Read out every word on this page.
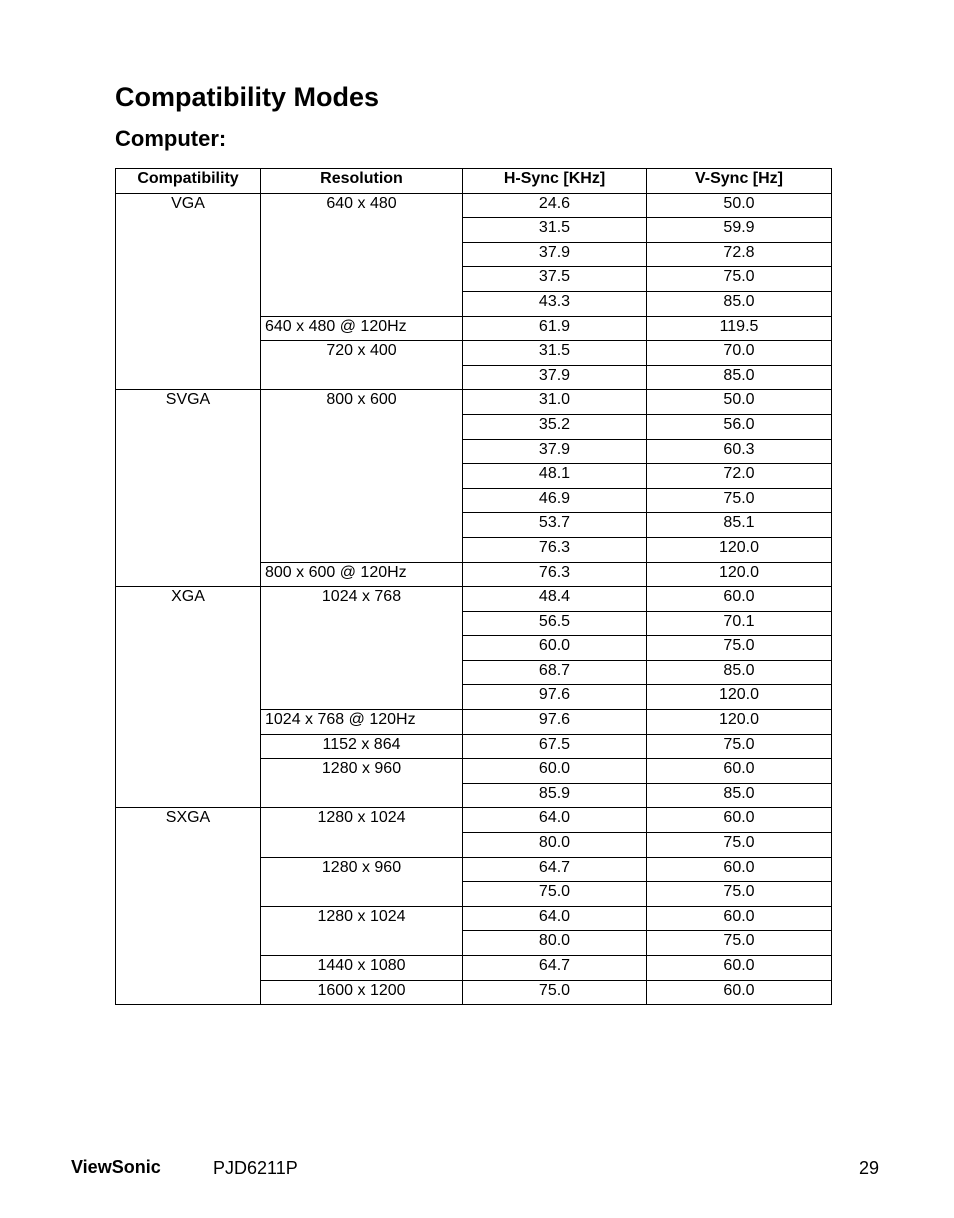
Compatibility Modes
Computer:
Compatibility	Resolution	H-Sync [KHz]	V-Sync [Hz]
VGA	640 x 480	24.6	50.0
		31.5	59.9
		37.9	72.8
		37.5	75.0
		43.3	85.0
	640 x 480 @ 120Hz	61.9	119.5
	720 x 400	31.5	70.0
		37.9	85.0
SVGA	800 x 600	31.0	50.0
		35.2	56.0
		37.9	60.3
		48.1	72.0
		46.9	75.0
		53.7	85.1
		76.3	120.0
	800 x 600 @ 120Hz	76.3	120.0
XGA	1024 x 768	48.4	60.0
		56.5	70.1
		60.0	75.0
		68.7	85.0
		97.6	120.0
	1024 x 768 @ 120Hz	97.6	120.0
	1152 x 864	67.5	75.0
	1280 x 960	60.0	60.0
		85.9	85.0
SXGA	1280 x 1024	64.0	60.0
		80.0	75.0
	1280 x 960	64.7	60.0
		75.0	75.0
	1280 x 1024	64.0	60.0
		80.0	75.0
	1440 x 1080	64.7	60.0
	1600 x 1200	75.0	60.0
ViewSonic	PJD6211P	29
